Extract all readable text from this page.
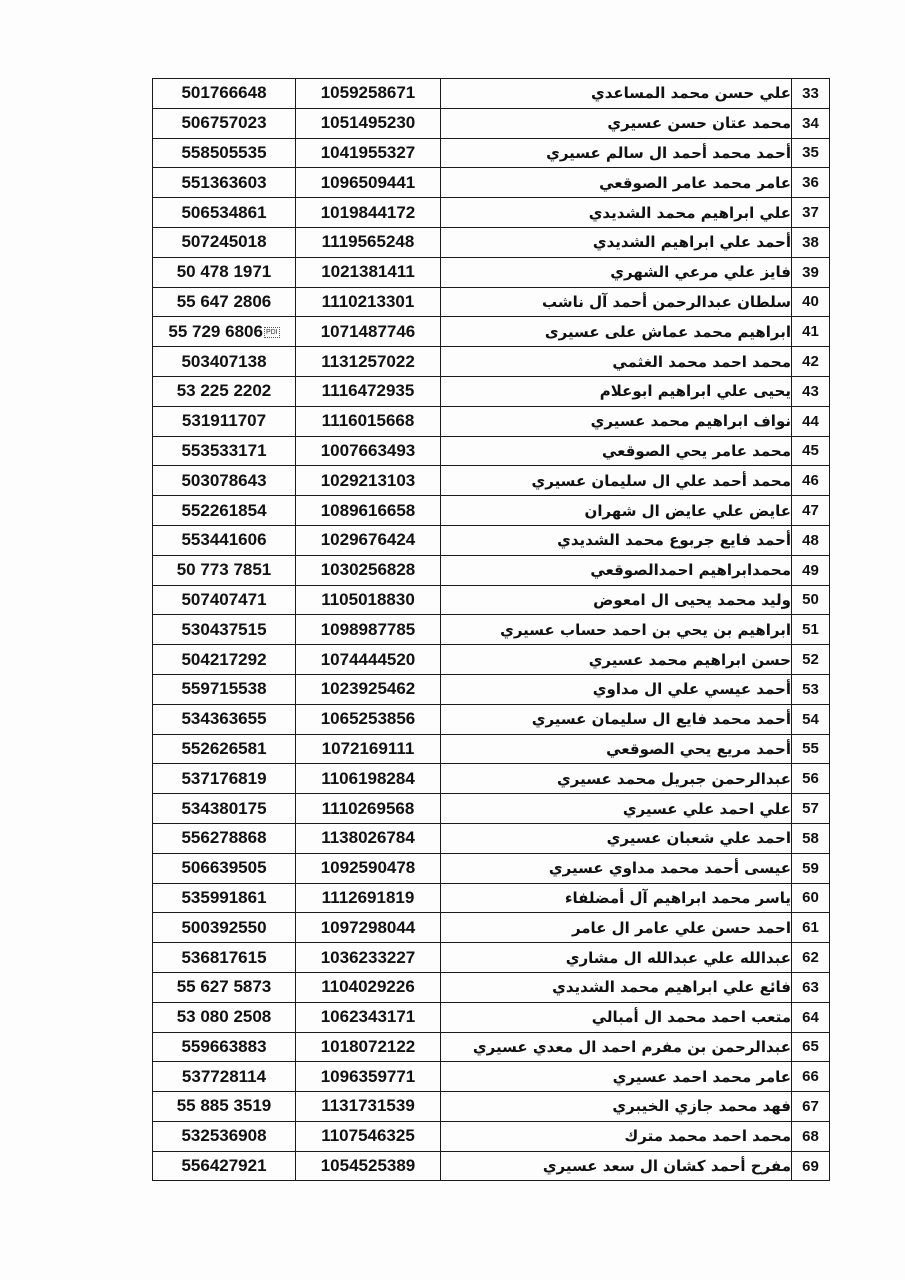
501766648	1059258671	علي حسن محمد المساعدي	33
506757023	1051495230	محمد عتان حسن عسيري	34
558505535	1041955327	أحمد محمد أحمد ال سالم عسيري	35
551363603	1096509441	عامر محمد عامر الصوقعي	36
506534861	1019844172	علي ابراهيم محمد الشديدي	37
507245018	1119565248	أحمد علي ابراهيم الشديدي	38
50 478 1971	1021381411	فايز علي مرعي الشهري	39
55 647 2806	1110213301	سلطان عبدالرحمن أحمد آل ناشب	40
55 729 6806 PDI	1071487746	ابراهيم محمد عماش على عسيرى	41
503407138	1131257022	محمد احمد محمد الغثمي	42
53 225 2202	1116472935	يحيى علي ابراهيم ابوعلام	43
531911707	1116015668	نواف ابراهيم محمد عسيري	44
553533171	1007663493	محمد عامر يحي الصوقعي	45
503078643	1029213103	محمد أحمد علي ال سليمان عسيري	46
552261854	1089616658	عايض علي عايض ال شهران	47
553441606	1029676424	أحمد فايع جربوع محمد الشديدي	48
50 773 7851	1030256828	محمدابراهيم احمدالصوقعي	49
507407471	1105018830	وليد محمد يحيى ال امعوض	50
530437515	1098987785	ابراهيم بن يحي بن احمد حساب عسيري	51
504217292	1074444520	حسن ابراهيم محمد عسيري	52
559715538	1023925462	أحمد عيسي علي ال مداوي	53
534363655	1065253856	أحمد محمد فايع ال سليمان عسيري	54
552626581	1072169111	أحمد مريع يحي الصوقعي	55
537176819	1106198284	عبدالرحمن جبريل محمد عسيري	56
534380175	1110269568	علي احمد علي عسيري	57
556278868	1138026784	احمد علي شعبان عسيري	58
506639505	1092590478	عيسى أحمد محمد مداوي عسيري	59
535991861	1112691819	ياسر محمد ابراهيم آل أمضلفاء	60
500392550	1097298044	احمد حسن علي عامر ال عامر	61
536817615	1036233227	عبدالله علي عبدالله ال مشاري	62
55 627 5873	1104029226	فائع علي ابراهيم محمد الشديدي	63
53 080 2508	1062343171	متعب احمد محمد ال أمبالي	64
559663883	1018072122	عبدالرحمن بن مفرم احمد ال معدي عسيري	65
537728114	1096359771	عامر محمد احمد عسيري	66
55 885 3519	1131731539	فهد محمد جازي الخيبري	67
532536908	1107546325	محمد احمد محمد مترك	68
556427921	1054525389	مفرح أحمد كشان ال سعد عسيري	69
